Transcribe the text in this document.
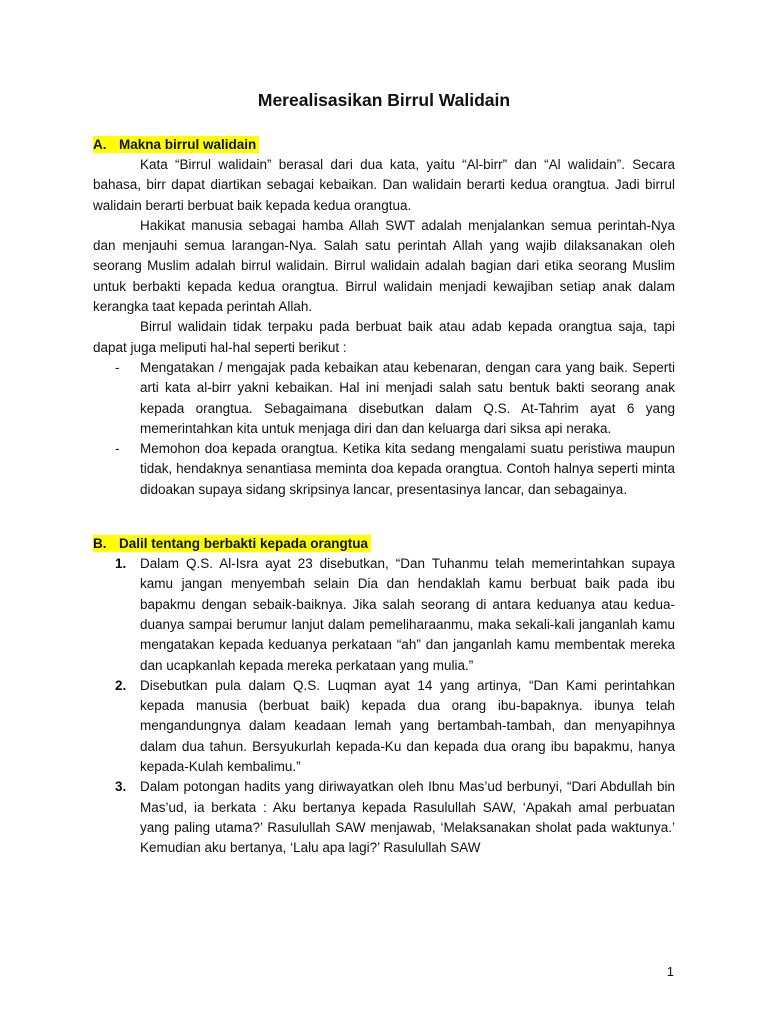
Merealisasikan Birrul Walidain
A. Makna birrul walidain

Kata “Birrul walidain” berasal dari dua kata, yaitu “Al-birr” dan “Al walidain”. Secara bahasa, birr dapat diartikan sebagai kebaikan. Dan walidain berarti kedua orangtua. Jadi birrul walidain berarti berbuat baik kepada kedua orangtua.

Hakikat manusia sebagai hamba Allah SWT adalah menjalankan semua perintah-Nya dan menjauhi semua larangan-Nya. Salah satu perintah Allah yang wajib dilaksanakan oleh seorang Muslim adalah birrul walidain. Birrul walidain adalah bagian dari etika seorang Muslim untuk berbakti kepada kedua orangtua. Birrul walidain menjadi kewajiban setiap anak dalam kerangka taat kepada perintah Allah.

Birrul walidain tidak terpaku pada berbuat baik atau adab kepada orangtua saja, tapi dapat juga meliputi hal-hal seperti berikut :

- Mengatakan / mengajak pada kebaikan atau kebenaran, dengan cara yang baik. Seperti arti kata al-birr yakni kebaikan. Hal ini menjadi salah satu bentuk bakti seorang anak kepada orangtua. Sebagaimana disebutkan dalam Q.S. At-Tahrim ayat 6 yang memerintahkan kita untuk menjaga diri dan dan keluarga dari siksa api neraka.

- Memohon doa kepada orangtua. Ketika kita sedang mengalami suatu peristiwa maupun tidak, hendaknya senantiasa meminta doa kepada orangtua. Contoh halnya seperti minta didoakan supaya sidang skripsinya lancar, presentasinya lancar, dan sebagainya.

B. Dalil tentang berbakti kepada orangtua
1. Dalam Q.S. Al-Isra ayat 23 disebutkan, “Dan Tuhanmu telah memerintahkan supaya kamu jangan menyembah selain Dia dan hendaklah kamu berbuat baik pada ibu bapakmu dengan sebaik-baiknya. Jika salah seorang di antara keduanya atau kedua-duanya sampai berumur lanjut dalam pemeliharaanmu, maka sekali-kali janganlah kamu mengatakan kepada keduanya perkataan “ah” dan janganlah kamu membentak mereka dan ucapkanlah kepada mereka perkataan yang mulia.”

2. Disebutkan pula dalam Q.S. Luqman ayat 14 yang artinya, “Dan Kami perintahkan kepada manusia (berbuat baik) kepada dua orang ibu-bapaknya. ibunya telah mengandungnya dalam keadaan lemah yang bertambah-tambah, dan menyapihnya dalam dua tahun. Bersyukurlah kepada-Ku dan kepada dua orang ibu bapakmu, hanya kepada-Kulah kembalimu.”

3. Dalam potongan hadits yang diriwayatkan oleh Ibnu Mas’ud berbunyi, “Dari Abdullah bin Mas’ud, ia berkata : Aku bertanya kepada Rasulullah SAW, ‘Apakah amal perbuatan yang paling utama?’ Rasulullah SAW menjawab, ‘Melaksanakan sholat pada waktunya.’ Kemudian aku bertanya, ‘Lalu apa lagi?’ Rasulullah SAW

1
